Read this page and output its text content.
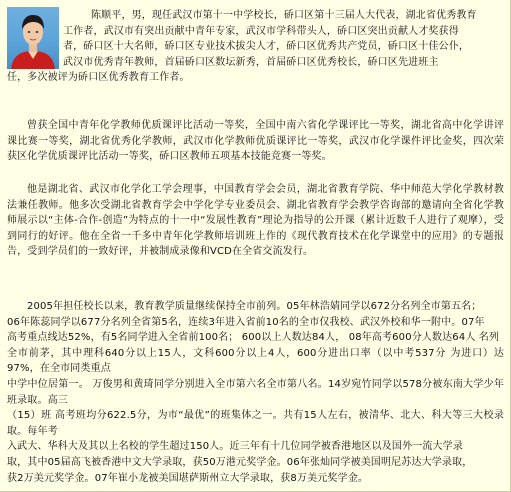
陈顺平，男，现任武汉市第十一中学校长，硚口区第十三届人大代表，湖北省优秀教育
工作者，武汉市有突出贡献中青年专家，武汉市学科带头人，硚口区突出贡献人才奖获得
者，硚口区十大名师，硚口区专业技术拔尖人才，硚口区优秀共产党员，硚口区十佳公仆，
武汉市优秀青年教师，首届硚口区数坛新秀，首届硚口区优秀校长，硚口区先进班主
任，多次被评为硚口区优秀教育工作者。
曾获全国中青年化学教师优质课评比活动一等奖，全国中南六省化学课评比一等奖，湖北省高中化学讲评课比赛一等奖，湖北省优秀化学教师，武汉市化学教师优质课评比一等奖，武汉市化学课件评比金奖，四次荣获区化学优质课评比活动一等奖，硚口区教师五项基本技能竞赛一等奖。
他是湖北省、武汉市化学化工学会理事，中国教育学会会员，湖北省教育学院、华中师范大学化学教材教法兼任教师。他多次受湖北省教育学会中学化学专业委员会、湖北省教育学会教学咨询部的邀请向全省化学教师展示以“主体-合作-创造”为特点的十一中“发展性教育”理论为指导的公开课（累计近数千人进行了观摩），受到同行的好评。他在全省一千多中青年化学教师培训班上作的《现代教育技术在化学课堂中的应用》的专题报告，受到学员们的一致好评，并被制成录像和VCD在全省交流发行。
2005年担任校长以来，教育教学质量继续保持全市前列。05年林浩婧同学以672分名列全市第五名；
06年陈蕊同学以677分名列全省第5名，连续3年进入省前10名的全市仅我校、武汉外校和华一附中。07年
高考重点线达52%，有5名同学进入全省前100名； 600以上人数达84人， 08年高考600分人数达64人 名列
全市前茅，其中理科640分以上15人，文科600分以上4人，600分进出口率（以中考537分 为进口）达97%，在全市同类重点
中学中位居第一。 万俊男和黄琦同学分别进入全市第六名全市第八名。14岁宛竹同学以578分被东南大学少年班录取。高三
（15）班 高考班均分622.5分，为市“最优”的班集体之一。共有15人左右，被清华、北大、科大等三大校录取。每年考
入武大、华科大及其以上名校的学生超过150人。近三年有十几位同学被香港地区以及国外一流大学录
取，其中05届高飞被香港中文大学录取，获50万港元奖学金。06年张灿同学被美国明尼苏达大学录取，
获2万美元奖学金。07年崔小龙被美国堪萨斯州立大学录取，获8万美元奖学金。
